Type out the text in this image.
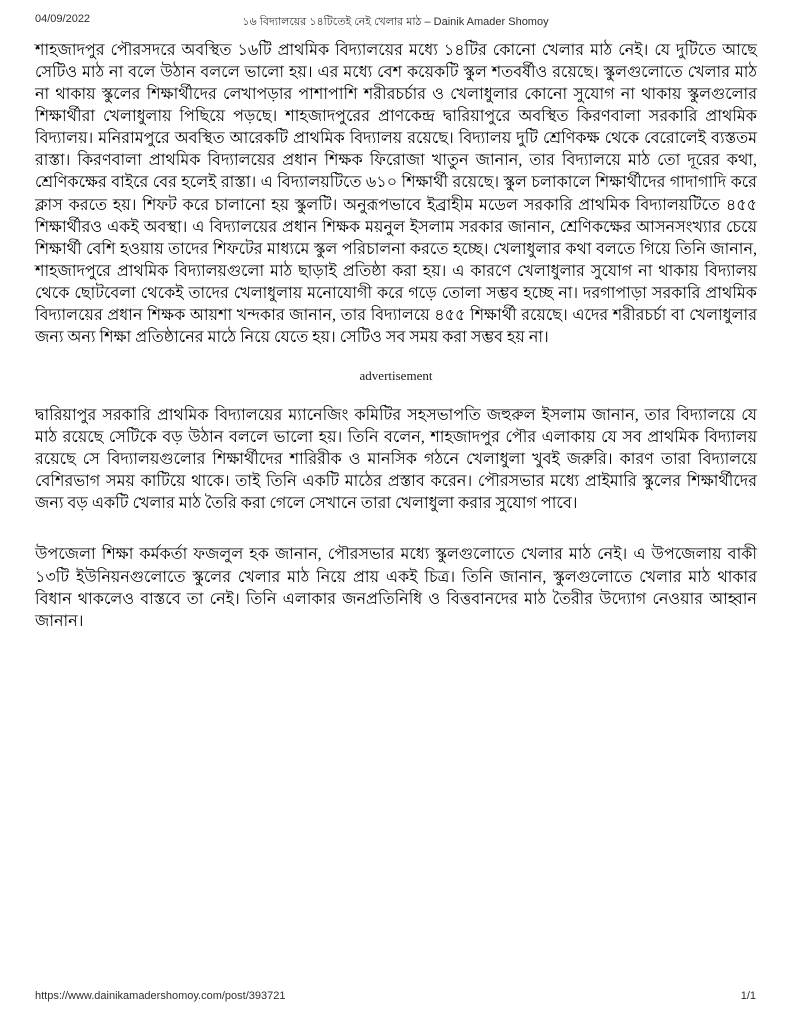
04/09/2022	১৬ বিদ্যালয়ের ১৪টিতেই নেই খেলার মাঠ – Dainik Amader Shomoy

শাহজাদপুর পৌরসদরে অবস্থিত ১৬টি প্রাথমিক বিদ্যালয়ের মধ্যে ১৪টির কোনো খেলার মাঠ নেই। যে দুটিতে আছে সেটিও মাঠ না বলে উঠান বললে ভালো হয়। এর মধ্যে বেশ কয়েকটি স্কুল শতবর্ষীও রয়েছে। স্কুলগুলোতে খেলার মাঠ না থাকায় স্কুলের শিক্ষার্থীদের লেখাপড়ার পাশাপাশি শরীরচর্চার ও খেলাধুলার কোনো সুযোগ না থাকায় স্কুলগুলোর শিক্ষার্থীরা খেলাধুলায় পিছিয়ে পড়ছে। শাহজাদপুরের প্রাণকেন্দ্র দ্বারিয়াপুরে অবস্থিত কিরণবালা সরকারি প্রাথমিক বিদ্যালয়। মনিরামপুরে অবস্থিত আরেকটি প্রাথমিক বিদ্যালয় রয়েছে। বিদ্যালয় দুটি শ্রেণিকক্ষ থেকে বেরোলেই ব্যস্ততম রাস্তা। কিরণবালা প্রাথমিক বিদ্যালয়ের প্রধান শিক্ষক ফিরোজা খাতুন জানান, তার বিদ্যালয়ে মাঠ তো দূরের কথা, শ্রেণিকক্ষের বাইরে বের হলেই রাস্তা। এ বিদ্যালয়টিতে ৬১০ শিক্ষার্থী রয়েছে। স্কুল চলাকালে শিক্ষার্থীদের গাদাগাদি করে ক্লাস করতে হয়। শিফট করে চালানো হয় স্কুলটি। অনুরূপভাবে ইব্রাহীম মডেল সরকারি প্রাথমিক বিদ্যালয়টিতে ৪৫৫ শিক্ষার্থীরও একই অবস্থা। এ বিদ্যালয়ের প্রধান শিক্ষক ময়নুল ইসলাম সরকার জানান, শ্রেণিকক্ষের আসনসংখ্যার চেয়ে শিক্ষার্থী বেশি হওয়ায় তাদের শিফটের মাধ্যমে স্কুল পরিচালনা করতে হচ্ছে। খেলাধুলার কথা বলতে গিয়ে তিনি জানান, শাহজাদপুরে প্রাথমিক বিদ্যালয়গুলো মাঠ ছাড়াই প্রতিষ্ঠা করা হয়। এ কারণে খেলাধুলার সুযোগ না থাকায় বিদ্যালয় থেকে ছোটবেলা থেকেই তাদের খেলাধুলায় মনোযোগী করে গড়ে তোলা সম্ভব হচ্ছে না। দরগাপাড়া সরকারি প্রাথমিক বিদ্যালয়ের প্রধান শিক্ষক আয়শা খন্দকার জানান, তার বিদ্যালয়ে ৪৫৫ শিক্ষার্থী রয়েছে। এদের শরীরচর্চা বা খেলাধুলার জন্য অন্য শিক্ষা প্রতিষ্ঠানের মাঠে নিয়ে যেতে হয়। সেটিও সব সময় করা সম্ভব হয় না।

advertisement

দ্বারিয়াপুর সরকারি প্রাথমিক বিদ্যালয়ের ম্যানেজিং কমিটির সহসভাপতি জহুরুল ইসলাম জানান, তার বিদ্যালয়ে যে মাঠ রয়েছে সেটিকে বড় উঠান বললে ভালো হয়। তিনি বলেন, শাহজাদপুর পৌর এলাকায় যে সব প্রাথমিক বিদ্যালয় রয়েছে সে বিদ্যালয়গুলোর শিক্ষার্থীদের শারিরীক ও মানসিক গঠনে খেলাধুলা খুবই জরুরি। কারণ তারা বিদ্যালয়ে বেশিরভাগ সময় কাটিয়ে থাকে। তাই তিনি একটি মাঠের প্রস্তাব করেন। পৌরসভার মধ্যে প্রাইমারি স্কুলের শিক্ষার্থীদের জন্য বড় একটি খেলার মাঠ তৈরি করা গেলে সেখানে তারা খেলাধুলা করার সুযোগ পাবে।

উপজেলা শিক্ষা কর্মকর্তা ফজলুল হক জানান, পৌরসভার মধ্যে স্কুলগুলোতে খেলার মাঠ নেই। এ উপজেলায় বাকী ১৩টি ইউনিয়নগুলোতে স্কুলের খেলার মাঠ নিয়ে প্রায় একই চিত্র। তিনি জানান, স্কুলগুলোতে খেলার মাঠ থাকার বিধান থাকলেও বাস্তবে তা নেই। তিনি এলাকার জনপ্রতিনিধি ও বিত্তবানদের মাঠ তৈরীর উদ্যোগ নেওয়ার আহ্বান জানান।

https://www.dainikamadershomoy.com/post/393721	1/1
